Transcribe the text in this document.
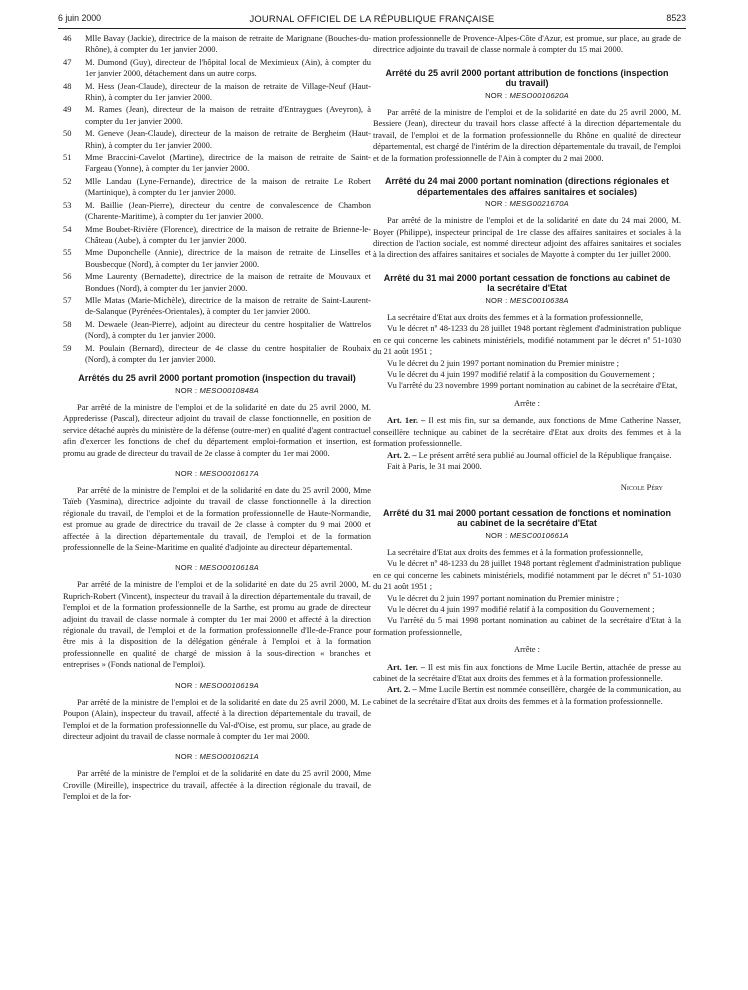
6 juin 2000	JOURNAL OFFICIEL DE LA RÉPUBLIQUE FRANÇAISE	8523
46 Mlle Bavay (Jackie), directrice de la maison de retraite de Marignane (Bouches-du-Rhône), à compter du 1er janvier 2000.
47 M. Dumond (Guy), directeur de l'hôpital local de Meximieux (Ain), à compter du 1er janvier 2000, détachement dans un autre corps.
48 M. Hess (Jean-Claude), directeur de la maison de retraite de Village-Neuf (Haut-Rhin), à compter du 1er janvier 2000.
49 M. Rames (Jean), directeur de la maison de retraite d'Entraygues (Aveyron), à compter du 1er janvier 2000.
50 M. Geneve (Jean-Claude), directeur de la maison de retraite de Bergheim (Haut-Rhin), à compter du 1er janvier 2000.
51 Mme Braccini-Cavelot (Martine), directrice de la maison de retraite de Saint-Fargeau (Yonne), à compter du 1er janvier 2000.
52 Mlle Landau (Lyne-Fernande), directrice de la maison de retraite Le Robert (Martinique), à compter du 1er janvier 2000.
53 M. Baillie (Jean-Pierre), directeur du centre de convalescence de Chambon (Charente-Maritime), à compter du 1er janvier 2000.
54 Mme Boubet-Rivière (Florence), directrice de la maison de retraite de Brienne-le-Château (Aube), à compter du 1er janvier 2000.
55 Mme Duponchelle (Annie), directrice de la maison de retraite de Linselles et Bousbecque (Nord), à compter du 1er janvier 2000.
56 Mme Laurenty (Bernadette), directrice de la maison de retraite de Mouvaux et Bondues (Nord), à compter du 1er janvier 2000.
57 Mlle Matas (Marie-Michèle), directrice de la maison de retraite de Saint-Laurent-de-Salanque (Pyrénées-Orientales), à compter du 1er janvier 2000.
58 M. Dewaele (Jean-Pierre), adjoint au directeur du centre hospitalier de Wattrelos (Nord), à compter du 1er janvier 2000.
59 M. Poulain (Bernard), directeur de 4e classe du centre hospitalier de Roubaix (Nord), à compter du 1er janvier 2000.
Arrêtés du 25 avril 2000 portant promotion (inspection du travail)
NOR : MESO0010848A

Par arrêté de la ministre de l'emploi et de la solidarité en date du 25 avril 2000, M. Apprederisse (Pascal), directeur adjoint du travail de classe fonctionnelle, en position de service détaché auprès du ministère de la défense (outre-mer) en qualité d'agent contractuel afin d'exercer les fonctions de chef du département emploi-formation et insertion, est promu au grade de directeur du travail de 2e classe à compter du 1er mai 2000.

NOR : MESO0010617A

Par arrêté de la ministre de l'emploi et de la solidarité en date du 25 avril 2000, Mme Taïeb (Yasmina), directrice adjointe du travail de classe fonctionnelle à la direction régionale du travail, de l'emploi et de la formation professionnelle de Haute-Normandie, est promue au grade de directrice du travail de 2e classe à compter du 9 mai 2000 et affectée à la direction départementale du travail, de l'emploi et de la formation professionnelle de la Seine-Maritime en qualité d'adjointe au directeur départemental.

NOR : MESO0010618A

Par arrêté de la ministre de l'emploi et de la solidarité en date du 25 avril 2000, M. Ruprich-Robert (Vincent), inspecteur du travail à la direction départementale du travail, de l'emploi et de la formation professionnelle de la Sarthe, est promu au grade de directeur adjoint du travail de classe normale à compter du 1er mai 2000 et affecté à la direction régionale du travail, de l'emploi et de la formation professionnelle d'Ile-de-France pour être mis à la disposition de la délégation générale à l'emploi et à la formation professionnelle en qualité de chargé de mission à la sous-direction « branches et entreprises » (Fonds national de l'emploi).

NOR : MESO0010619A

Par arrêté de la ministre de l'emploi et de la solidarité en date du 25 avril 2000, M. Le Poupon (Alain), inspecteur du travail, affecté à la direction départementale du travail, de l'emploi et de la formation professionnelle du Val-d'Oise, est promu, sur place, au grade de directeur adjoint du travail de classe normale à compter du 1er mai 2000.

NOR : MESO0010621A

Par arrêté de la ministre de l'emploi et de la solidarité en date du 25 avril 2000, Mme Croville (Mireille), inspectrice du travail, affectée à la direction régionale du travail, de l'emploi et de la for-

mation professionnelle de Provence-Alpes-Côte d'Azur, est promue, sur place, au grade de directrice adjointe du travail de classe normale à compter du 15 mai 2000.

Arrêté du 25 avril 2000 portant attribution de fonctions (inspection du travail)
NOR : MESO0010620A

Par arrêté de la ministre de l'emploi et de la solidarité en date du 25 avril 2000, M. Bessiere (Jean), directeur du travail hors classe affecté à la direction départementale du travail, de l'emploi et de la formation professionnelle du Rhône en qualité de directeur départemental, est chargé de l'intérim de la direction départementale du travail, de l'emploi et de la formation professionnelle de l'Ain à compter du 2 mai 2000.

Arrêté du 24 mai 2000 portant nomination (directions régionales et départementales des affaires sanitaires et sociales)
NOR : MESG0021670A

Par arrêté de la ministre de l'emploi et de la solidarité en date du 24 mai 2000, M. Boyer (Philippe), inspecteur principal de 1re classe des affaires sanitaires et sociales à la direction de l'action sociale, est nommé directeur adjoint des affaires sanitaires et sociales à la direction des affaires sanitaires et sociales de Mayotte à compter du 1er juillet 2000.

Arrêté du 31 mai 2000 portant cessation de fonctions au cabinet de la secrétaire d'Etat
NOR : MESC0010638A

La secrétaire d'Etat aux droits des femmes et à la formation professionnelle,

Vu le décret nº 48-1233 du 28 juillet 1948 portant règlement d'administration publique en ce qui concerne les cabinets ministériels, modifié notamment par le décret nº 51-1030 du 21 août 1951 ;

Vu le décret du 2 juin 1997 portant nomination du Premier ministre ;

Vu le décret du 4 juin 1997 modifié relatif à la composition du Gouvernement ;

Vu l'arrêté du 23 novembre 1999 portant nomination au cabinet de la secrétaire d'Etat,

Arrête :

Art. 1er. – Il est mis fin, sur sa demande, aux fonctions de Mme Catherine Nasser, conseillère technique au cabinet de la secrétaire d'Etat aux droits des femmes et à la formation professionnelle.

Art. 2. – Le présent arrêté sera publié au Journal officiel de la République française.

Fait à Paris, le 31 mai 2000.

Nicole Péry

Arrêté du 31 mai 2000 portant cessation de fonctions et nomination au cabinet de la secrétaire d'Etat
NOR : MESC0010661A

La secrétaire d'Etat aux droits des femmes et à la formation professionnelle,

Vu le décret nº 48-1233 du 28 juillet 1948 portant règlement d'administration publique en ce qui concerne les cabinets ministériels, modifié notamment par le décret nº 51-1030 du 21 août 1951 ;

Vu le décret du 2 juin 1997 portant nomination du Premier ministre ;

Vu le décret du 4 juin 1997 modifié relatif à la composition du Gouvernement ;

Vu l'arrêté du 5 mai 1998 portant nomination au cabinet de la secrétaire d'Etat à la formation professionnelle,

Arrête :

Art. 1er. – Il est mis fin aux fonctions de Mme Lucile Bertin, attachée de presse au cabinet de la secrétaire d'Etat aux droits des femmes et à la formation professionnelle.

Art. 2. – Mme Lucile Bertin est nommée conseillère, chargée de la communication, au cabinet de la secrétaire d'Etat aux droits des femmes et à la formation professionnelle.
